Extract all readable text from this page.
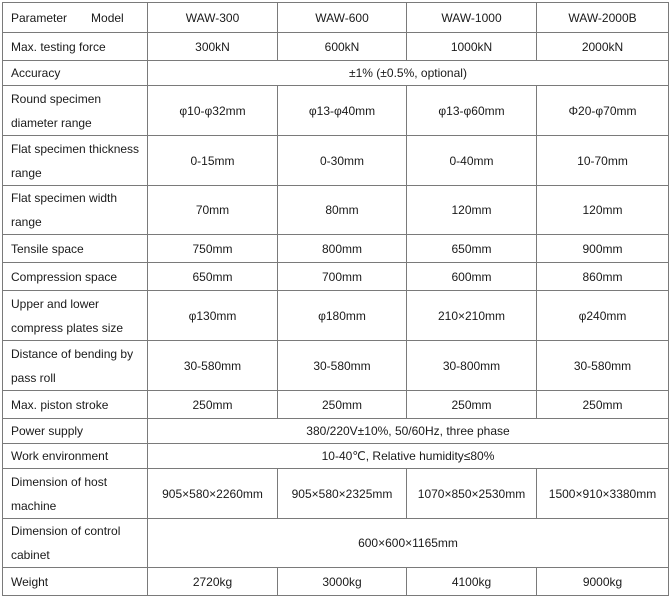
Parameter Model	WAW-300	WAW-600	WAW-1000	WAW-2000B
Max. testing force	300kN	600kN	1000kN	2000kN
Accuracy	±1% (±0.5%, optional)			
Round specimen diameter range	φ10-φ32mm	φ13-φ40mm	φ13-φ60mm	Φ20-φ70mm
Flat specimen thickness range	0-15mm	0-30mm	0-40mm	10-70mm
Flat specimen width range	70mm	80mm	120mm	120mm
Tensile space	750mm	800mm	650mm	900mm
Compression space	650mm	700mm	600mm	860mm
Upper and lower compress plates size	φ130mm	φ180mm	210×210mm	φ240mm
Distance of bending by pass roll	30-580mm	30-580mm	30-800mm	30-580mm
Max. piston stroke	250mm	250mm	250mm	250mm
Power supply	380/220V±10%, 50/60Hz, three phase			
Work environment	10-40℃, Relative humidity≤80%			
Dimension of host machine	905×580×2260mm	905×580×2325mm	1070×850×2530mm	1500×910×3380mm
Dimension of control cabinet	600×600×1165mm			
Weight	2720kg	3000kg	4100kg	9000kg
